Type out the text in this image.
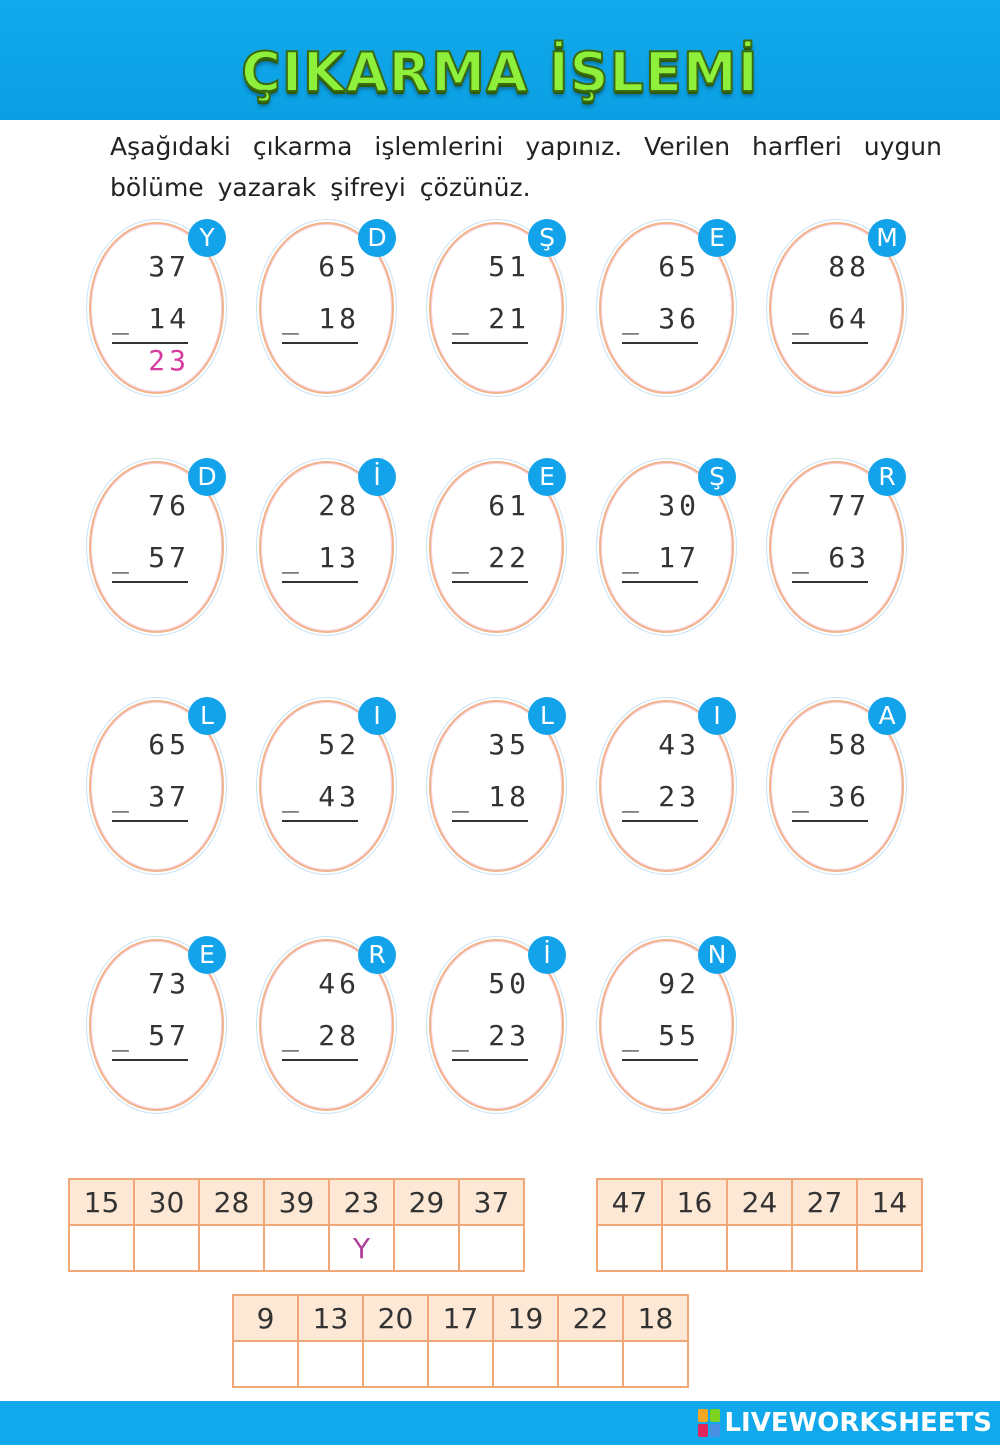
ÇIKARMA İŞLEMİ
Aşağıdaki çıkarma işlemlerini yapınız. Verilen harfleri uygun bölüme yazarak şifreyi çözünüz.
Y
37
_ 14
23
D
65
_ 18
Ş
51
_ 21
E
65
_ 36
M
88
_ 64
D
76
_ 57
İ
28
_ 13
E
61
_ 22
Ş
30
_ 17
R
77
_ 63
L
65
_ 37
I
52
_ 43
L
35
_ 18
I
43
_ 23
A
58
_ 36
E
73
_ 57
R
46
_ 28
İ
50
_ 23
N
92
_ 55
15	30	28	39	23	29	37
				Y		
47	16	24	27	14

9	13	20	17	19	22	18

LIVEWORKSHEETS
